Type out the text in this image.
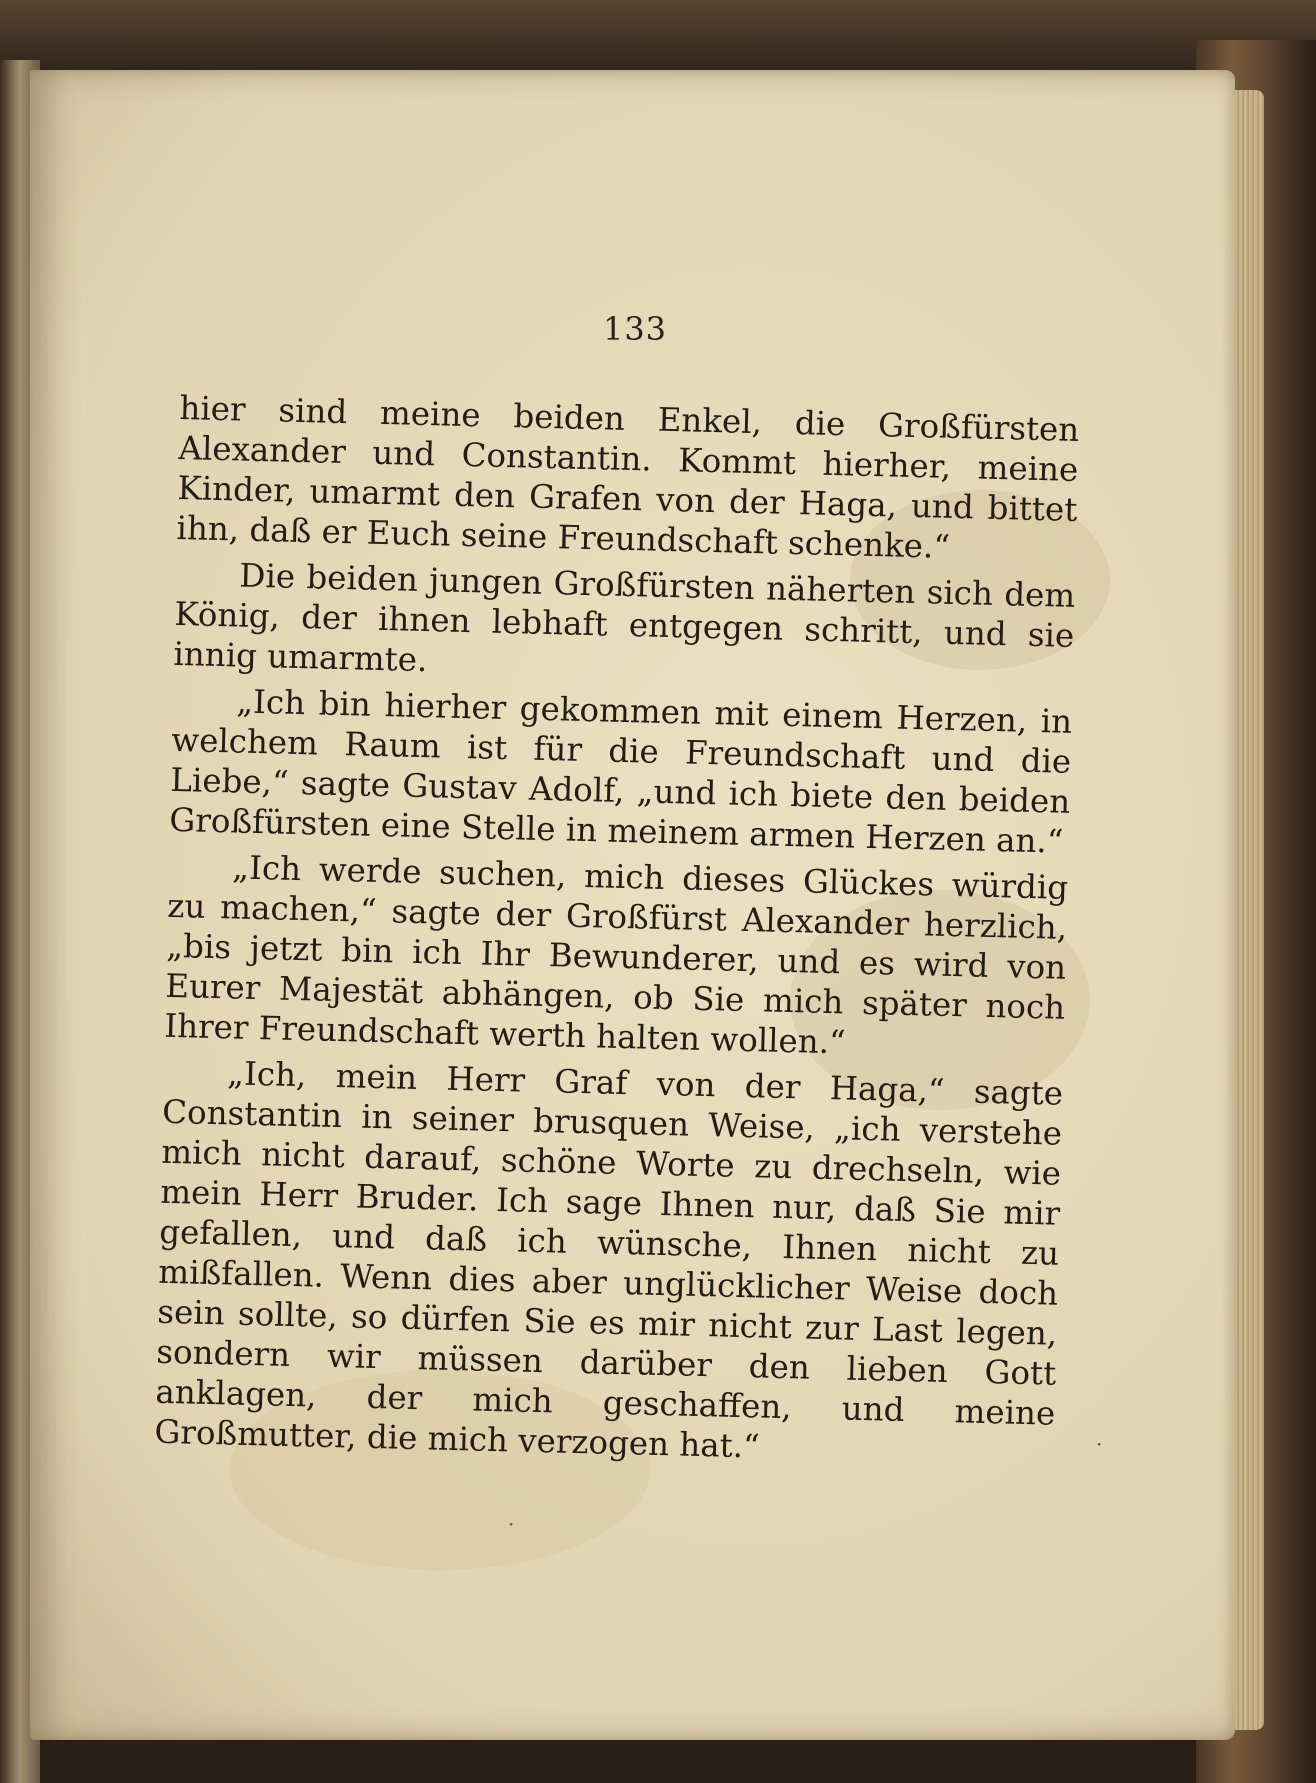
133

hier sind meine beiden Enkel, die Großfürsten Alexander und Constantin. Kommt hierher, meine Kinder, umarmt den Grafen von der Haga, und bittet ihn, daß er Euch seine Freundschaft schenke.“

Die beiden jungen Großfürsten näherten sich dem König, der ihnen lebhaft entgegen schritt, und sie innig umarmte.

„Ich bin hierher gekommen mit einem Herzen, in welchem Raum ist für die Freundschaft und die Liebe,“ sagte Gustav Adolf, „und ich biete den beiden Großfürsten eine Stelle in meinem armen Herzen an.“

„Ich werde suchen, mich dieses Glückes würdig zu machen,“ sagte der Großfürst Alexander herzlich, „bis jetzt bin ich Ihr Bewunderer, und es wird von Eurer Majestät abhängen, ob Sie mich später noch Ihrer Freundschaft werth halten wollen.“

„Ich, mein Herr Graf von der Haga,“ sagte Constantin in seiner brusquen Weise, „ich verstehe mich nicht darauf, schöne Worte zu drechseln, wie mein Herr Bruder. Ich sage Ihnen nur, daß Sie mir gefallen, und daß ich wünsche, Ihnen nicht zu mißfallen. Wenn dies aber unglücklicher Weise doch sein sollte, so dürfen Sie es mir nicht zur Last legen, sondern wir müssen darüber den lieben Gott anklagen, der mich geschaffen, und meine Großmutter, die mich verzogen hat.“

·
·
